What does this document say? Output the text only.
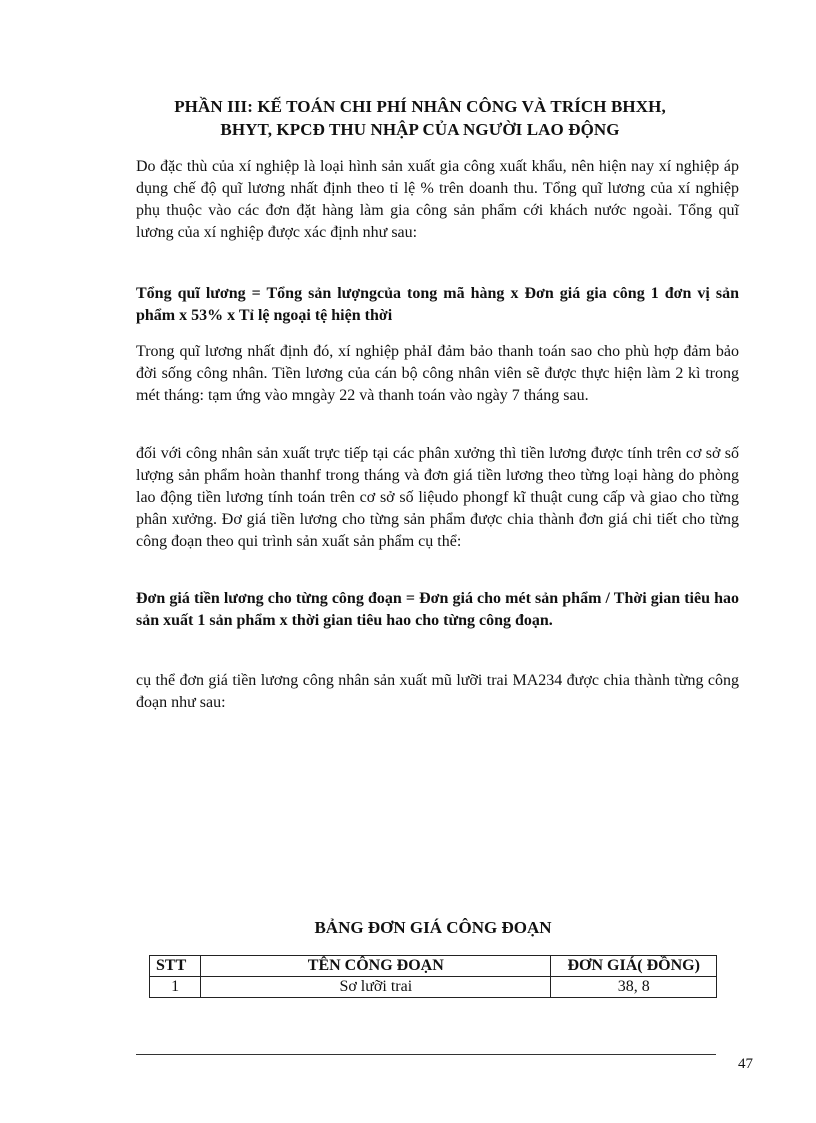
PHẦN III: KẾ TOÁN CHI PHÍ NHÂN CÔNG VÀ TRÍCH BHXH,
BHYT, KPCĐ THU NHẬP CỦA NGƯỜI LAO ĐỘNG

Do đặc thù của xí nghiệp là loại hình sản xuất gia công xuất khẩu, nên hiện nay xí nghiệp áp dụng chế độ quĩ lương nhất định theo tỉ lệ % trên doanh thu. Tổng quĩ lương của xí nghiệp phụ thuộc vào các đơn đặt hàng làm gia công sản phẩm cới khách nước ngoài. Tổng quĩ lương của xí nghiệp được xác định như sau:

Tổng quĩ lương = Tổng sản lượngcủa tong mã hàng x Đơn giá gia công 1 đơn vị sản phẩm x 53% x Tỉ lệ ngoại tệ hiện thời

Trong quĩ lương nhất định đó, xí nghiệp phảI đảm bảo thanh toán sao cho phù hợp đảm bảo đời sống công nhân. Tiền lương của cán bộ công nhân viên sẽ được thực hiện làm 2 kì trong mét tháng: tạm ứng vào mngày 22 và thanh toán vào ngày 7 tháng sau.

đối với công nhân sản xuất trực tiếp tại các phân xưởng thì tiền lương được tính trên cơ sở số lượng sản phẩm hoàn thanhf trong tháng và đơn giá tiền lương theo từng loại hàng do phòng lao động tiền lương tính toán trên cơ sở số liệudo phongf kĩ thuật cung cấp và giao cho từng phân xưởng. Đơ giá tiền lương cho từng sản phẩm được chia thành đơn giá chi tiết cho từng công đoạn theo qui trình sản xuất sản phẩm cụ thể:

Đơn giá tiền lương cho từng công đoạn = Đơn giá cho mét sản phẩm / Thời gian tiêu hao sản xuất 1 sản phẩm x thời gian tiêu hao cho từng công đoạn.

cụ thể đơn giá tiền lương công nhân sản xuất mũ lưỡi trai MA234 được chia thành từng công đoạn như sau:

BẢNG ĐƠN GIÁ CÔNG ĐOẠN
STT	TÊN CÔNG ĐOẠN	ĐƠN GIÁ( ĐỒNG)
1	Sơ lưỡi trai	38, 8
47
